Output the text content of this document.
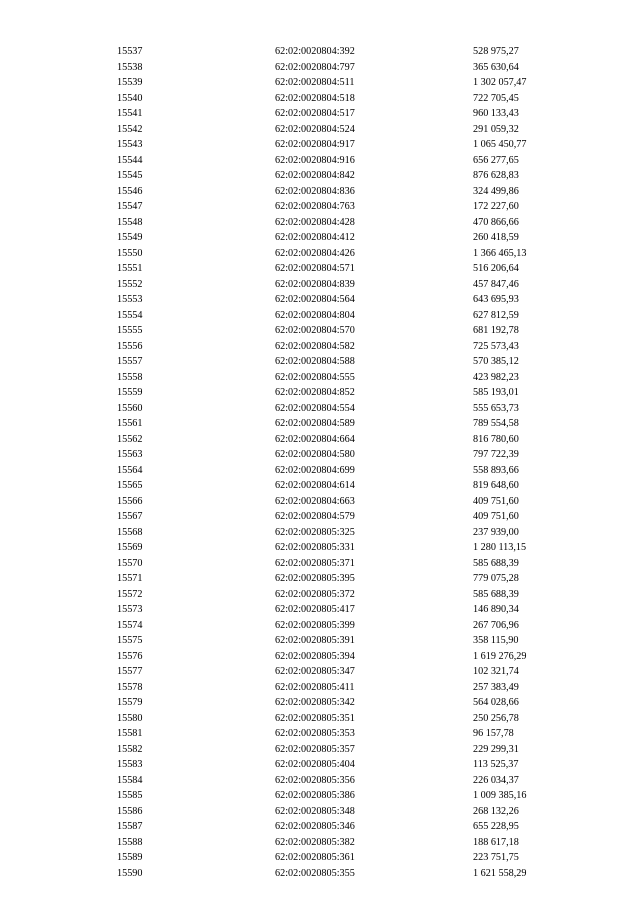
15537	62:02:0020804:392	528 975,27
15538	62:02:0020804:797	365 630,64
15539	62:02:0020804:511	1 302 057,47
15540	62:02:0020804:518	722 705,45
15541	62:02:0020804:517	960 133,43
15542	62:02:0020804:524	291 059,32
15543	62:02:0020804:917	1 065 450,77
15544	62:02:0020804:916	656 277,65
15545	62:02:0020804:842	876 628,83
15546	62:02:0020804:836	324 499,86
15547	62:02:0020804:763	172 227,60
15548	62:02:0020804:428	470 866,66
15549	62:02:0020804:412	260 418,59
15550	62:02:0020804:426	1 366 465,13
15551	62:02:0020804:571	516 206,64
15552	62:02:0020804:839	457 847,46
15553	62:02:0020804:564	643 695,93
15554	62:02:0020804:804	627 812,59
15555	62:02:0020804:570	681 192,78
15556	62:02:0020804:582	725 573,43
15557	62:02:0020804:588	570 385,12
15558	62:02:0020804:555	423 982,23
15559	62:02:0020804:852	585 193,01
15560	62:02:0020804:554	555 653,73
15561	62:02:0020804:589	789 554,58
15562	62:02:0020804:664	816 780,60
15563	62:02:0020804:580	797 722,39
15564	62:02:0020804:699	558 893,66
15565	62:02:0020804:614	819 648,60
15566	62:02:0020804:663	409 751,60
15567	62:02:0020804:579	409 751,60
15568	62:02:0020805:325	237 939,00
15569	62:02:0020805:331	1 280 113,15
15570	62:02:0020805:371	585 688,39
15571	62:02:0020805:395	779 075,28
15572	62:02:0020805:372	585 688,39
15573	62:02:0020805:417	146 890,34
15574	62:02:0020805:399	267 706,96
15575	62:02:0020805:391	358 115,90
15576	62:02:0020805:394	1 619 276,29
15577	62:02:0020805:347	102 321,74
15578	62:02:0020805:411	257 383,49
15579	62:02:0020805:342	564 028,66
15580	62:02:0020805:351	250 256,78
15581	62:02:0020805:353	96 157,78
15582	62:02:0020805:357	229 299,31
15583	62:02:0020805:404	113 525,37
15584	62:02:0020805:356	226 034,37
15585	62:02:0020805:386	1 009 385,16
15586	62:02:0020805:348	268 132,26
15587	62:02:0020805:346	655 228,95
15588	62:02:0020805:382	188 617,18
15589	62:02:0020805:361	223 751,75
15590	62:02:0020805:355	1 621 558,29
